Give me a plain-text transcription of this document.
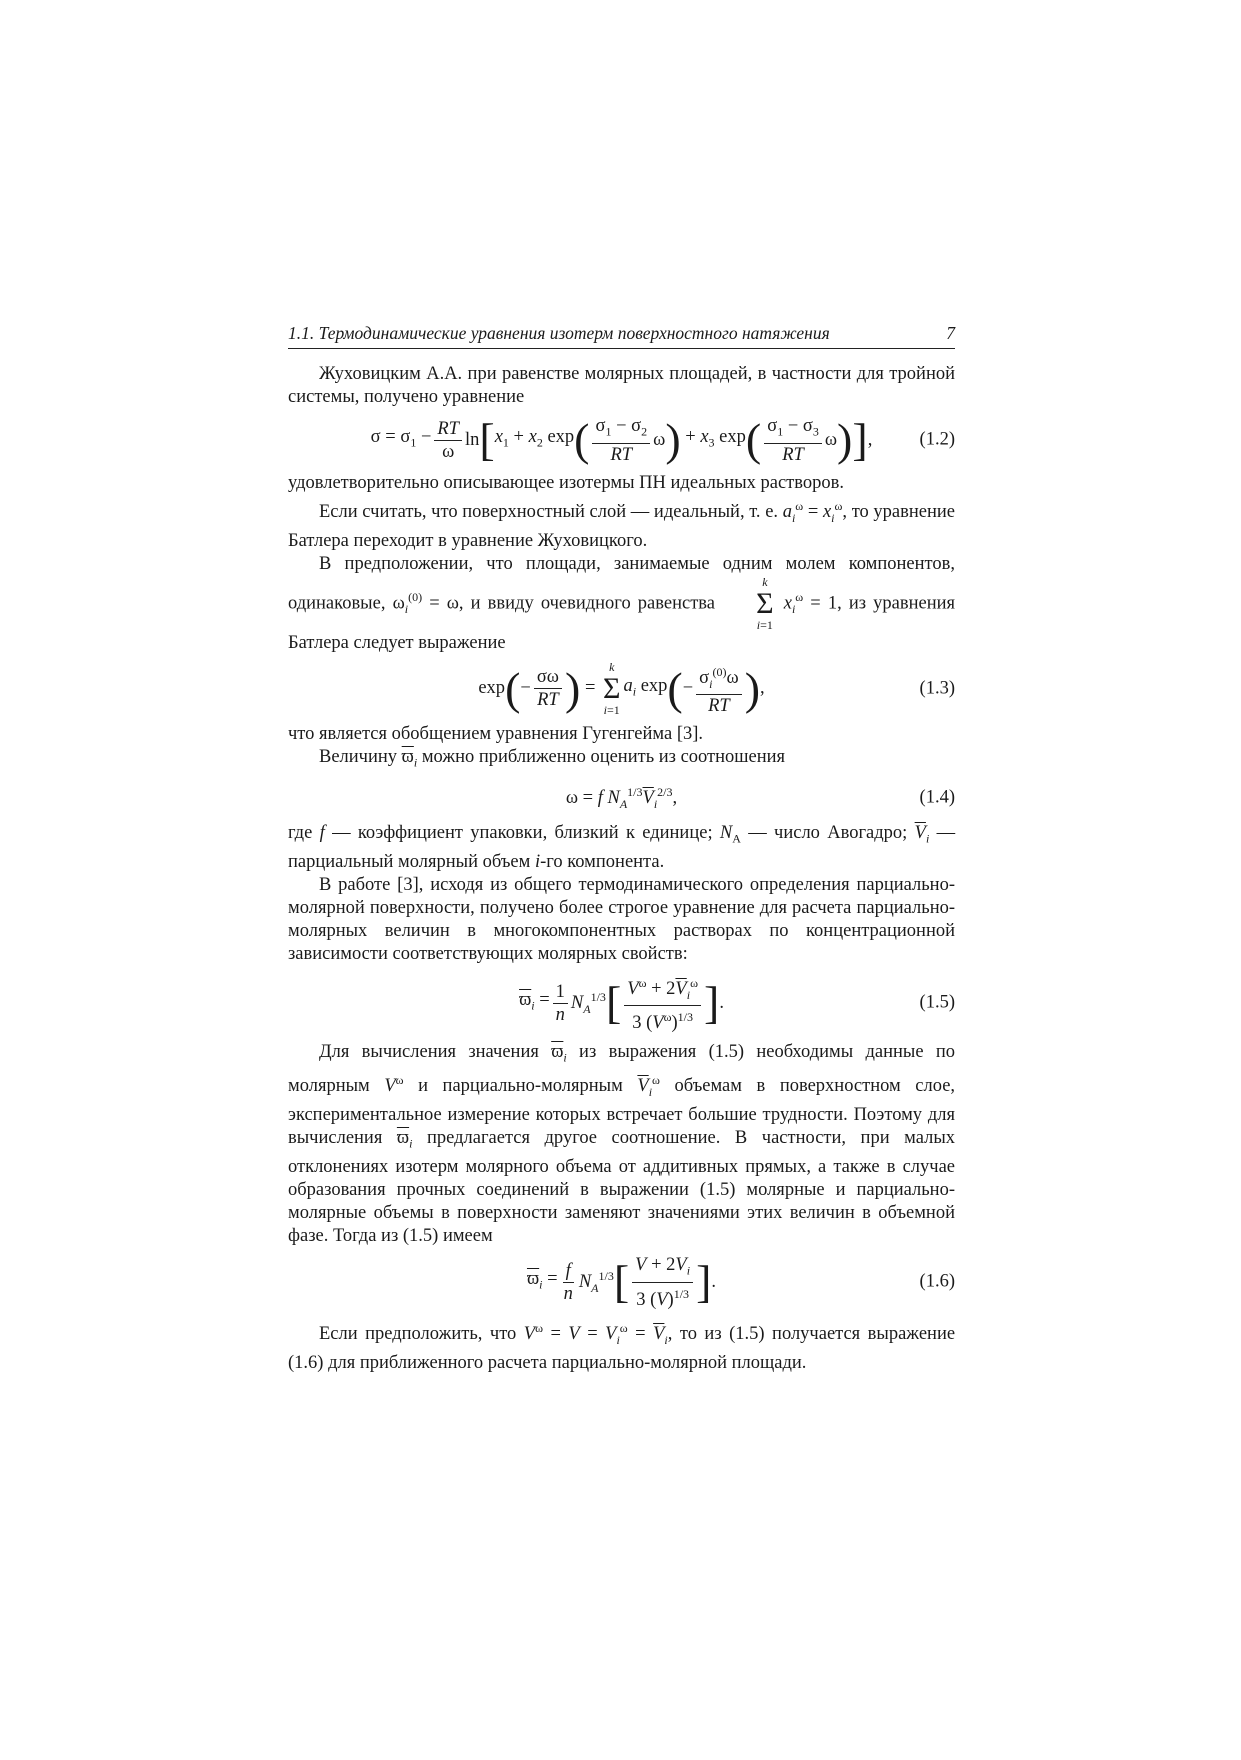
1.1. Термодинамические уравнения изотерм поверхностного натяжения	7

Жуховицким А.А. при равенстве молярных площадей, в частности для тройной системы, получено уравнение

$\sigma = \sigma_1 - \frac{RT}{\omega}$ ln [ $x_1 + x_2$ exp ( $\frac{\sigma_1 - \sigma_2}{RT}$ ω ) + $x_3$ exp ( $\frac{\sigma_1 - \sigma_3}{RT}$ ω )] ,	(1.2)

удовлетворительно описывающее изотермы ПН идеальных растворов.

Если считать, что поверхностный слой — идеальный, т. е. $a_i^\omega = x_i^\omega$, то уравнение Батлера переходит в уравнение Жуховицкого.

В предположении, что площади, занимаемые одним молем компонентов, одинаковые, $\omega_i^{(0)} = \omega$, и ввиду очевидного равенства
k
Σ
i=1
$x_i^\omega = 1$, из уравнения Батлера следует выражение

exp ( − $\frac{\sigma\omega}{RT}$ ) =
k
Σ
i=1
$a_i$ exp ( − $\frac{\sigma_i^{(0)}\omega}{RT}$ ) ,	(1.3)

что является обобщением уравнения Гугенгейма [3].

Величину $\overline{ϖ}_i$ можно приближенно оценить из соотношения

ω = f $N_A^{1/3}\overline{V}_i^{2/3}$,	(1.4)

где f — коэффициент упаковки, близкий к единице; $N_A$ — число Авогадро; $\overline{V}_i$ — парциальный молярный объем i-го компонента.

В работе [3], исходя из общего термодинамического определения парциально-молярной поверхности, получено более строгое уравнение для расчета парциально-молярных величин в многокомпонентных растворах по концентрационной зависимости соответствующих молярных свойств:

$\overline{ϖ}_i = \frac{1}{n} N_A^{1/3}$ [ $\frac{V^\omega + 2\overline{V}_i^\omega}{3 (V^\omega)^{1/3}}$ ] .	(1.5)

Для вычисления значения $\overline{ϖ}_i$ из выражения (1.5) необходимы данные по молярным $V^\omega$ и парциально-молярным $\overline{V}_i^\omega$ объемам в поверхностном слое, экспериментальное измерение которых встречает большие трудности. Поэтому для вычисления $\overline{ϖ}_i$ предлагается другое соотношение. В частности, при малых отклонениях изотерм молярного объема от аддитивных прямых, а также в случае образования прочных соединений в выражении (1.5) молярные и парциально-молярные объемы в поверхности заменяют значениями этих величин в объемной фазе. Тогда из (1.5) имеем

$\overline{ϖ}_i = \frac{f}{n} N_A^{1/3}$ [ $\frac{V + 2V_i}{3 (V)^{1/3}}$ ] .	(1.6)

Если предположить, что $V^\omega = V = V_i^\omega = \overline{V}_i$, то из (1.5) получается выражение (1.6) для приближенного расчета парциально-молярной площади.
